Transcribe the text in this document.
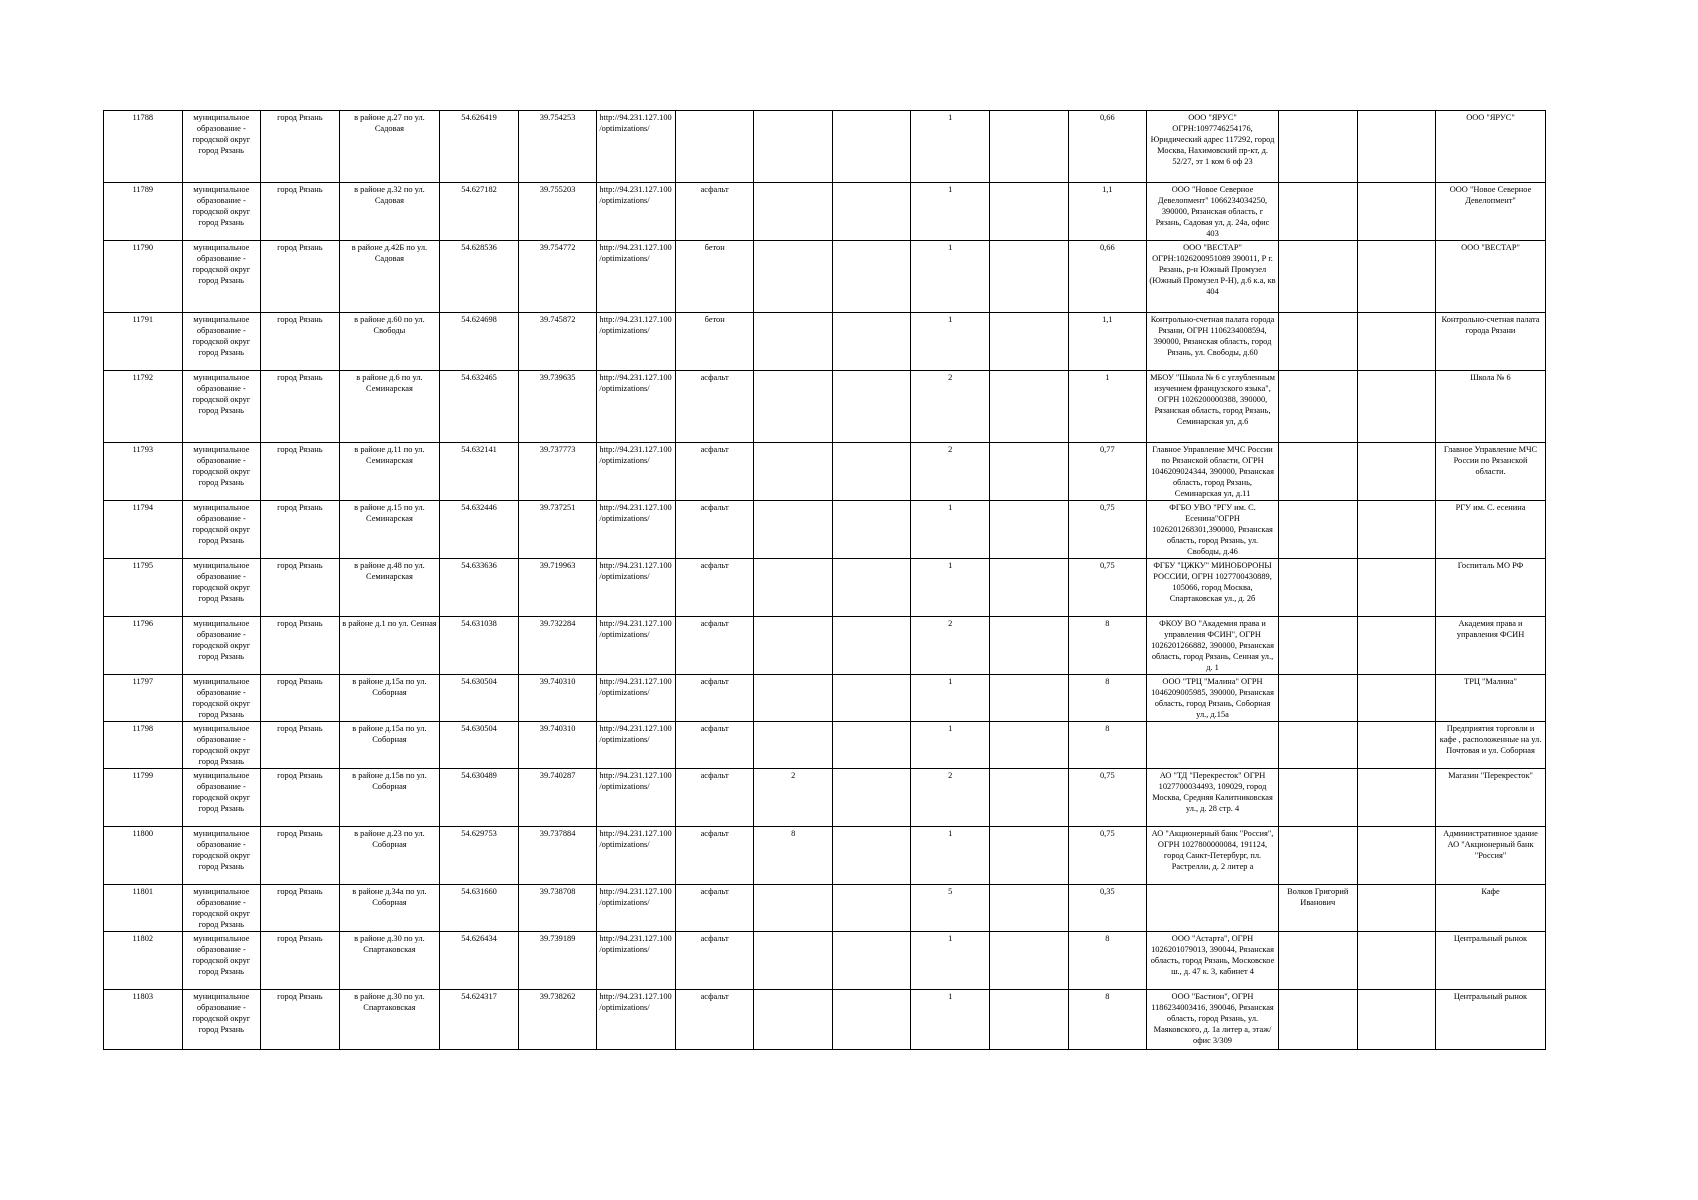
11788	муниципальное образование - городской округ город Рязань	город Рязань	в районе д.27 по ул. Садовая	54.626419	39.754253	http://94.231.127.100/optimizations/				1		0,66	ООО "ЯРУС" ОГРН:1097746254176, Юридический адрес 117292, город Москва, Нахимовский пр-кт, д. 52/27, эт 1 ком 6 оф 23			ООО "ЯРУС"
11789	муниципальное образование - городской округ город Рязань	город Рязань	в районе д.32 по ул. Садовая	54.627182	39.755203	http://94.231.127.100/optimizations/	асфальт			1		1,1	ООО "Новое Северное Девелопмент" 1066234034250, 390000, Рязанская область, г Рязань, Садовая ул, д. 24а, офис 403			ООО "Новое Северное Девелопмент"
11790	муниципальное образование - городской округ город Рязань	город Рязань	в районе д.42Б по ул. Садовая	54.628536	39.754772	http://94.231.127.100/optimizations/	бетон			1		0,66	ООО "ВЕСТАР" ОГРН:1026200951089 390011, Р г. Рязань, р-н Южный Промузел (Южный Промузел Р-Н), д.6 к.а, кв 404			ООО "ВЕСТАР"
11791	муниципальное образование - городской округ город Рязань	город Рязань	в районе д.60 по ул. Свободы	54.624698	39.745872	http://94.231.127.100/optimizations/	бетон			1		1,1	Контрольно-счетная палата города Рязани, ОГРН 1106234008594, 390000, Рязанская область, город Рязань, ул. Свободы, д.60			Контрольно-счетная палата города Рязани
11792	муниципальное образование - городской округ город Рязань	город Рязань	в районе д.6 по ул. Семинарская	54.632465	39.739635	http://94.231.127.100/optimizations/	асфальт			2		1	МБОУ "Школа № 6 с углубленным изучением французского языка", ОГРН 1026200000388, 390000, Рязанская область, город Рязань, Семинарская ул, д.6			Школа № 6
11793	муниципальное образование - городской округ город Рязань	город Рязань	в районе д.11 по ул. Семинарская	54.632141	39.737773	http://94.231.127.100/optimizations/	асфальт			2		0,77	Главное Управление МЧС России по Рязанской области, ОГРН 1046209024344, 390000, Рязанская область, город Рязань, Семинарская ул, д.11			Главное Управление МЧС России по Рязанской области.
11794	муниципальное образование - городской округ город Рязань	город Рязань	в районе д.15 по ул. Семинарская	54.632446	39.737251	http://94.231.127.100/optimizations/	асфальт			1		0,75	ФГБО УВО "РГУ им. С. Есенина"ОГРН 1026201268301,390000, Рязанская область, город Рязань, ул. Свободы, д.46			РГУ им. С. есенина
11795	муниципальное образование - городской округ город Рязань	город Рязань	в районе д.48 по ул. Семинарская	54.633636	39.719963	http://94.231.127.100/optimizations/	асфальт			1		0,75	ФГБУ "ЦЖКУ" МИНОБОРОНЫ РОССИИ, ОГРН 1027700430889, 105066, город Москва, Спартаковская ул., д. 2б			Госпиталь МО РФ
11796	муниципальное образование - городской округ город Рязань	город Рязань	в районе д.1 по ул. Сенная	54.631038	39.732284	http://94.231.127.100/optimizations/	асфальт			2		8	ФКОУ ВО "Академия права и управления ФСИН", ОГРН 1026201266882, 390000, Рязанская область, город Рязань, Сенная ул., д. 1			Академия права и управления ФСИН
11797	муниципальное образование - городской округ город Рязань	город Рязань	в районе д.15а по ул. Соборная	54.630504	39.740310	http://94.231.127.100/optimizations/	асфальт			1		8	ООО "ТРЦ "Малина" ОГРН 1046209005985, 390000, Рязанская область, город Рязань, Соборная ул., д.15а			ТРЦ "Малина"
11798	муниципальное образование - городской округ город Рязань	город Рязань	в районе д.15а по ул. Соборная	54.630504	39.740310	http://94.231.127.100/optimizations/	асфальт			1		8				Предприятия торговли и кафе , расположенные на ул. Почтовая и ул. Соборная
11799	муниципальное образование - городской округ город Рязань	город Рязань	в районе д.15в по ул. Соборная	54.630489	39.740287	http://94.231.127.100/optimizations/	асфальт	2		2		0,75	АО "ТД "Перекресток" ОГРН 1027700034493, 109029, город Москва, Средняя Калитниковская ул., д. 28 стр. 4			Магазин "Перекресток"
11800	муниципальное образование - городской округ город Рязань	город Рязань	в районе д.23 по ул. Соборная	54.629753	39.737884	http://94.231.127.100/optimizations/	асфальт	8		1		0,75	АО "Акционерный банк "Россия", ОГРН 1027800000084, 191124, город Санкт-Петербург, пл. Растрелли, д. 2 литер а			Административное здание АО "Акционерный банк "Россия"
11801	муниципальное образование - городской округ город Рязань	город Рязань	в районе д.34а по ул. Соборная	54.631660	39.738708	http://94.231.127.100/optimizations/	асфальт			5		0,35		Волков Григорий Иванович		Кафе
11802	муниципальное образование - городской округ город Рязань	город Рязань	в районе д.30 по ул. Спартаковская	54.626434	39.739189	http://94.231.127.100/optimizations/	асфальт			1		8	ООО "Астарта", ОГРН 1026201079013, 390044, Рязанская область, город Рязань, Московское ш., д. 47 к. 3, кабинет 4			Центральный рынок
11803	муниципальное образование - городской округ город Рязань	город Рязань	в районе д.30 по ул. Спартаковская	54.624317	39.738262	http://94.231.127.100/optimizations/	асфальт			1		8	ООО "Бастион", ОГРН 1186234003416, 390046, Рязанская область, город Рязань, ул. Маяковского, д. 1а литер а, этаж/офис 3/309			Центральный рынок
